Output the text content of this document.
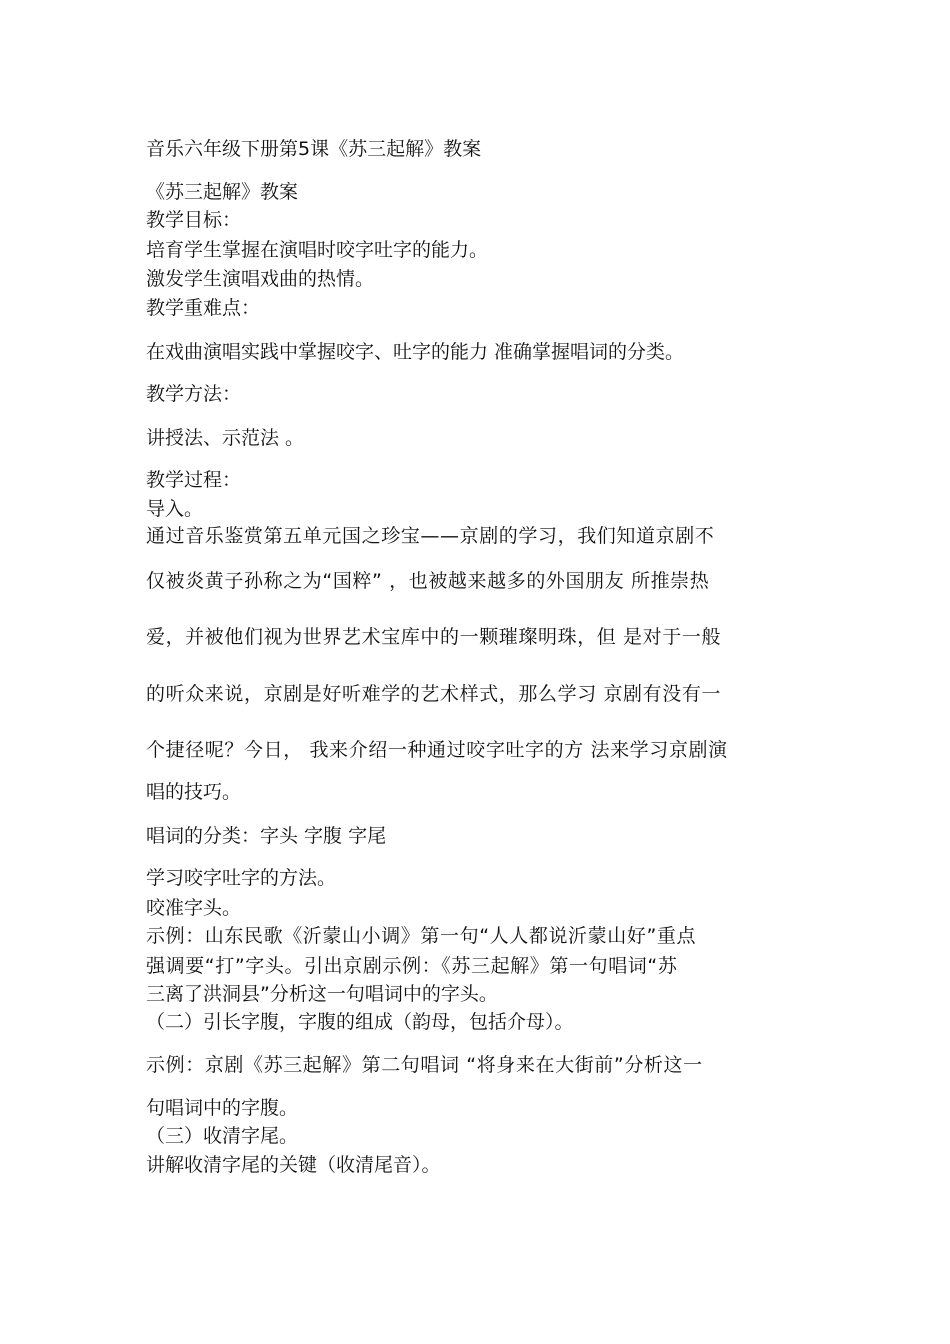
音乐六年级下册第5课《苏三起解》教案
《苏三起解》教案
教学目标：
培育学生掌握在演唱时咬字吐字的能力。
激发学生演唱戏曲的热情。
教学重难点：
在戏曲演唱实践中掌握咬字、吐字的能力 准确掌握唱词的分类。
教学方法：
讲授法、示范法 。
教学过程：
导入。
通过音乐鉴赏第五单元国之珍宝——京剧的学习，我们知道京剧不
仅被炎黄子孙称之为“国粹” ，也被越来越多的外国朋友 所推崇热
爱，并被他们视为世界艺术宝库中的一颗璀璨明珠，但 是对于一般
的听众来说，京剧是好听难学的艺术样式，那么学习 京剧有没有一
个捷径呢？今日， 我来介绍一种通过咬字吐字的方 法来学习京剧演
唱的技巧。
唱词的分类：字头 字腹 字尾
学习咬字吐字的方法。
咬准字头。
示例：山东民歌《沂蒙山小调》第一句“人人都说沂蒙山好”重点
强调要“打”字头。引出京剧示例：《苏三起解》第一句唱词“苏
三离了洪洞县”分析这一句唱词中的字头。
（二）引长字腹，字腹的组成（韵母，包括介母）。
示例：京剧《苏三起解》第二句唱词 “将身来在大街前”分析这一
句唱词中的字腹。
（三）收清字尾。
讲解收清字尾的关键（收清尾音）。
